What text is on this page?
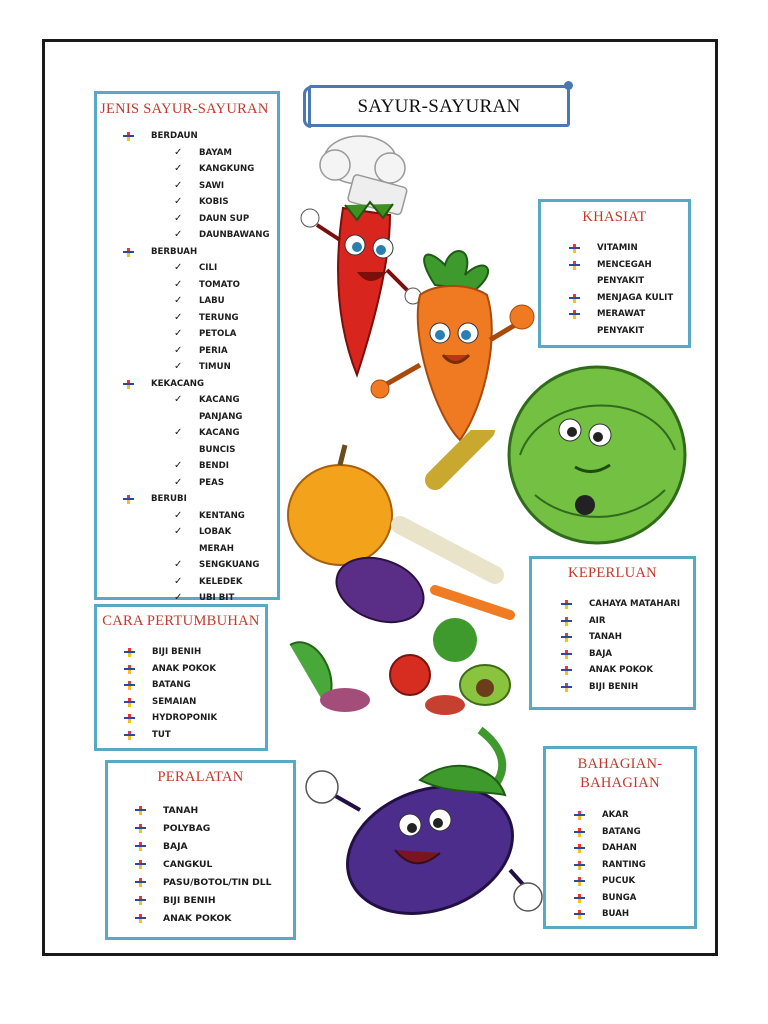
SAYUR-SAYURAN
JENIS SAYUR-SAYURAN
BERDAUN
✓ BAYAM
✓ KANGKUNG
✓ SAWI
✓ KOBIS
✓ DAUN SUP
✓ DAUNBAWANG
BERBUAH
✓ CILI
✓ TOMATO
✓ LABU
✓ TERUNG
✓ PETOLA
✓ PERIA
✓ TIMUN
KEKACANG
✓ KACANG PANJANG
✓ KACANG BUNCIS
✓ BENDI
✓ PEAS
BERUBI
✓ KENTANG
✓ LOBAK MERAH
✓ SENGKUANG
✓ KELEDEK
✓ UBI BIT
KHASIAT
VITAMIN
MENCEGAH PENYAKIT
MENJAGA KULIT
MERAWAT PENYAKIT
CARA PERTUMBUHAN
BIJI BENIH
ANAK POKOK
BATANG
SEMAIAN
HYDROPONIK
TUT
KEPERLUAN
CAHAYA MATAHARI
AIR
TANAH
BAJA
ANAK POKOK
BIJI BENIH
PERALATAN
TANAH
POLYBAG
BAJA
CANGKUL
PASU/BOTOL/TIN DLL
BIJI BENIH
ANAK POKOK
BAHAGIAN-BAHAGIAN
AKAR
BATANG
DAHAN
RANTING
PUCUK
BUNGA
BUAH
